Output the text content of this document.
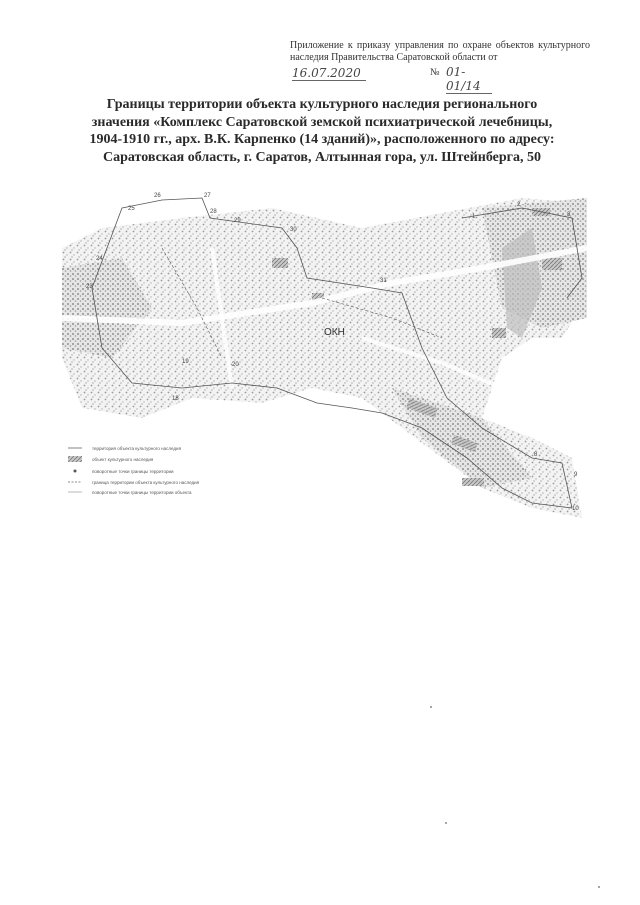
Приложение к приказу управления по охране объектов культурного наследия Правительства Саратовской области от
16.07.2020	№ 01-01/14
Границы территории объекта культурного наследия регионального
значения «Комплекс Саратовской земской психиатрической лечебницы,
1904-1910 гг., арх. В.К. Карпенко (14 зданий)», расположенного по адресу:
Саратовская область, г. Саратов, Алтынная гора, ул. Штейнберга, 50
ОКН
26	27
25
29
28
30
24
23
31
19
18
20
9
10
8
1
2
3
территория объекта культурного наследия
объект культурного наследия
поворотные точки границы территории
граница территории объекта культурного наследия
поворотные точки границы территории объекта
